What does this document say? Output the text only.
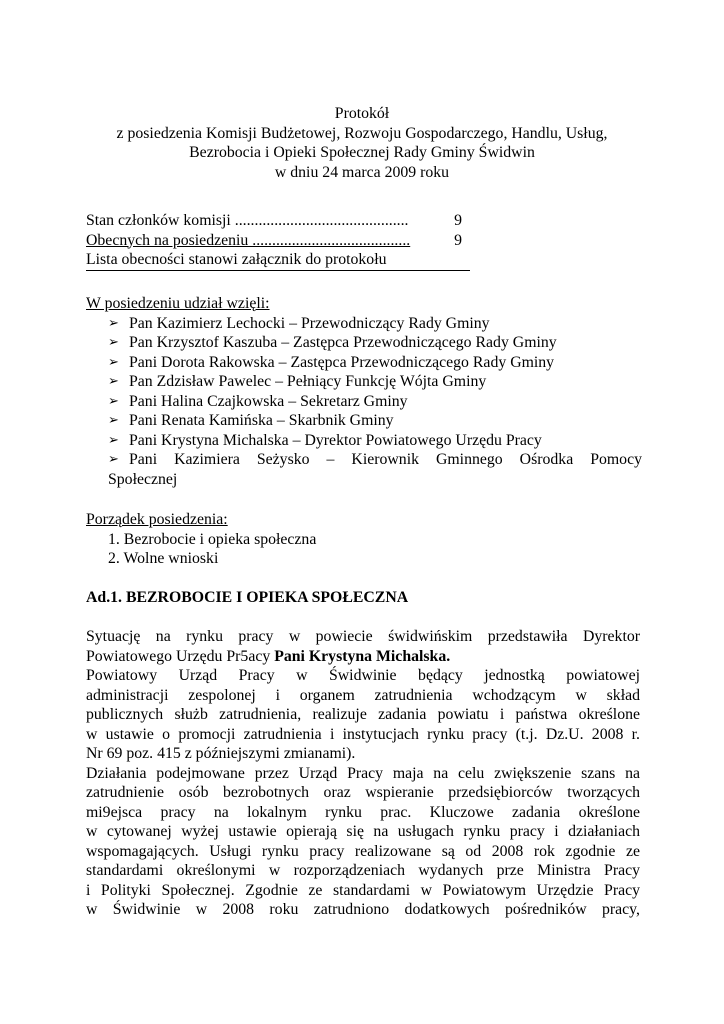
Protokół
z posiedzenia Komisji Budżetowej, Rozwoju Gospodarczego, Handlu, Usług,
Bezrobocia i Opieki Społecznej Rady Gminy Świdwin
w dniu 24 marca 2009 roku
Stan członków komisji ............................................	9
Obecnych na posiedzeniu ........................................	9
Lista obecności stanowi załącznik do protokołu
W posiedzeniu udział wzięli:
➢ Pan Kazimierz Lechocki – Przewodniczący Rady Gminy
➢ Pan Krzysztof Kaszuba – Zastępca Przewodniczącego Rady Gminy
➢ Pani Dorota Rakowska – Zastępca Przewodniczącego Rady Gminy
➢ Pan Zdzisław Pawelec – Pełniący Funkcję Wójta Gminy
➢ Pani Halina Czajkowska – Sekretarz Gminy
➢ Pani Renata Kamińska – Skarbnik Gminy
➢ Pani Krystyna Michalska – Dyrektor Powiatowego Urzędu Pracy
➢ Pani Kazimiera Seżysko – Kierownik Gminnego Ośrodka Pomocy
Społecznej
Porządek posiedzenia:
1. Bezrobocie i opieka społeczna
2. Wolne wnioski
Ad.1. BEZROBOCIE I OPIEKA SPOŁECZNA

Sytuację na rynku pracy w powiecie świdwińskim przedstawiła Dyrektor

Powiatowego Urzędu Pr5acy Pani Krystyna Michalska.

Powiatowy Urząd Pracy w Świdwinie będący jednostką powiatowej

administracji zespolonej i organem zatrudnienia wchodzącym w skład

publicznych służb zatrudnienia, realizuje zadania powiatu i państwa określone

w ustawie o promocji zatrudnienia i instytucjach rynku pracy (t.j. Dz.U. 2008 r.

Nr 69 poz. 415 z późniejszymi zmianami).

Działania podejmowane przez Urząd Pracy maja na celu zwiększenie szans na

zatrudnienie osób bezrobotnych oraz wspieranie przedsiębiorców tworzących

mi9ejsca pracy na lokalnym rynku prac. Kluczowe zadania określone

w cytowanej wyżej ustawie opierają się na usługach rynku pracy i działaniach

wspomagających. Usługi rynku pracy realizowane są od 2008 rok zgodnie ze

standardami określonymi w rozporządzeniach wydanych prze Ministra Pracy

i Polityki Społecznej. Zgodnie ze standardami w Powiatowym Urzędzie Pracy

w Świdwinie w 2008 roku zatrudniono dodatkowych pośredników pracy,
